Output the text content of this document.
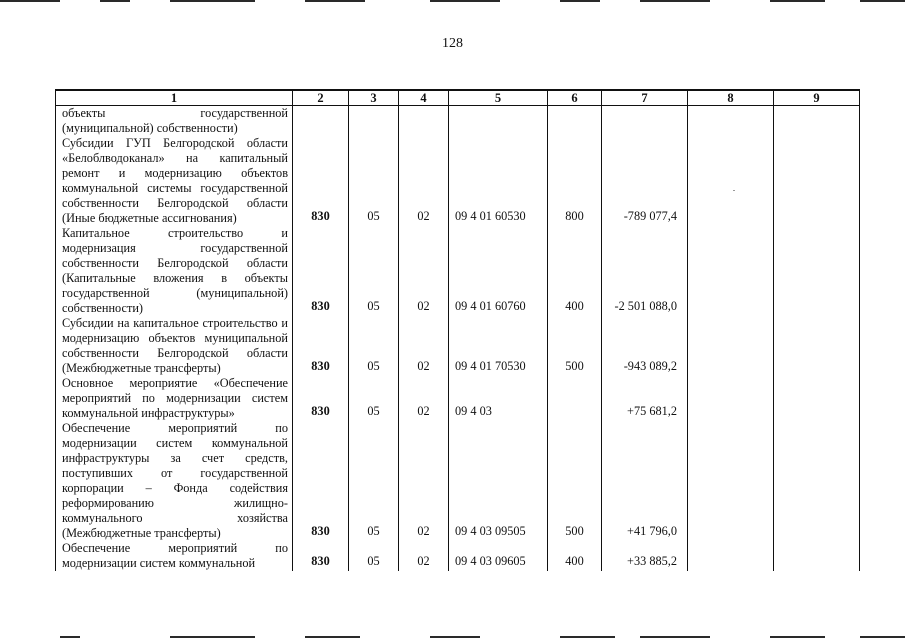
128
1	2	3	4	5	6	7	8	9
объекты государственной (муниципальной) собственности)								
Субсидии ГУП Белгородской области «Белоблводоканал» на капитальный ремонт и модернизацию объектов коммунальной системы государственной собственности Белгородской области (Иные бюджетные ассигнования)	830	05	02	09 4 01 60530	800	-789 077,4		
Капитальное строительство и модернизация государственной собственности Белгородской области (Капитальные вложения в объекты государственной (муниципальной) собственности)	830	05	02	09 4 01 60760	400	-2 501 088,0		
Субсидии на капитальное строительство и модернизацию объектов муниципальной собственности Белгородской области (Межбюджетные трансферты)	830	05	02	09 4 01 70530	500	-943 089,2		
Основное мероприятие «Обеспечение мероприятий по модернизации систем коммунальной инфраструктуры»	830	05	02	09 4 03		+75 681,2		
Обеспечение мероприятий по модернизации систем коммунальной инфраструктуры за счет средств, поступивших от государственной корпорации – Фонда содействия реформированию жилищно-коммунального хозяйства (Межбюджетные трансферты)	830	05	02	09 4 03 09505	500	+41 796,0		
Обеспечение мероприятий по модернизации систем коммунальной	830	05	02	09 4 03 09605	400	+33 885,2		
